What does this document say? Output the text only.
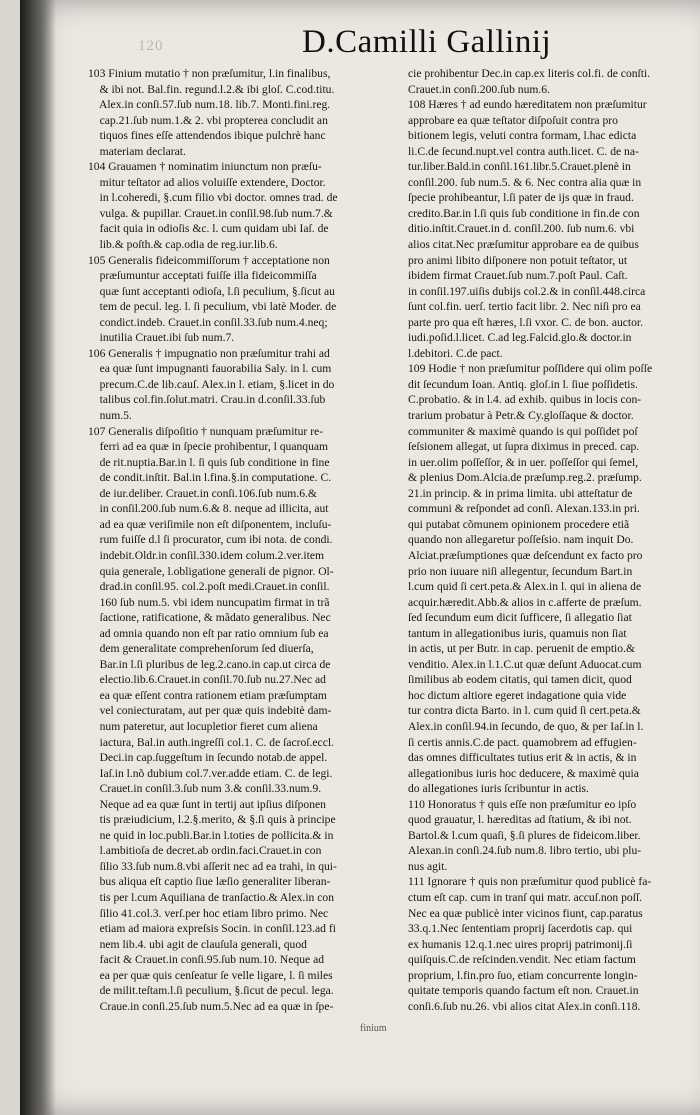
120	D.Camilli Gallinij
103 Finium mutatio † non præſumitur, l.in finalibus,
& ibi not. Bal.fin. regund.l.2.& ibi gloſ. C.cod.titu.
Alex.in conſi.57.ſub num.18. lib.7. Monti.fini.reg.
cap.21.ſub num.1.& 2. vbi propterea concludit an
tiquos fines eſſe attendendos ibique pulchrè hanc
materiam declarat.
104 Grauamen † nominatim iniunctum non præſu-
mitur teſtator ad alios voluiſſe extendere, Doctor.
in l.coheredi, §.cum filio vbi doctor. omnes trad. de
vulga. & pupillar. Crauet.in conſil.98.ſub num.7.&
facit quia in odioſis &c. l. cum quidam ubi Iaſ. de
lib.& poſth.& cap.odia de reg.iur.lib.6.
105 Generalis fideicommiſſorum † acceptatione non
præſumuntur acceptati fuiſſe illa fideicommiſſa
quæ ſunt acceptanti odioſa, l.ſi peculium, §.ſicut au
tem de pecul. leg. l. ſi peculium, vbi latè Moder. de
condict.indeb. Crauet.in conſil.33.ſub num.4.neq;
inutilia Crauet.ibi ſub num.7.
106 Generalis † impugnatio non præſumitur trahi ad
ea quæ ſunt impugnanti fauorabilia Saly. in l. cum
precum.C.de lib.cauſ. Alex.in l. etiam, §.licet in do
talibus col.fin.ſolut.matri. Crau.in d.conſil.33.ſub
num.5.
107 Generalis diſpoſitio † nunquam præſumitur re-
ferri ad ea quæ in ſpecie prohibentur, l quanquam
de rit.nuptia.Bar.in l. ſi quis ſub conditione in fine
de condit.inſtit. Bal.in l.fina.§.in computatione. C.
de iur.deliber. Crauet.in conſi.106.ſub num.6.&
in conſil.200.ſub num.6.& 8. neque ad illicita, aut
ad ea quæ veriſimile non eſt diſponentem, incluſu-
rum fuiſſe d.l ſi procurator, cum ibi nota. de condi.
indebit.Oldr.in conſil.330.idem colum.2.ver.item
quia generale, l.obligatione generali de pignor. Ol-
drad.in conſil.95. col.2.poſt medi.Crauet.in conſil.
160 ſub num.5. vbi idem nuncupatim firmat in trã
ſactione, ratificatione, & mãdato generalibus. Nec
ad omnia quando non eſt par ratio omnium ſub ea
dem generalitate comprehenſorum ſed diuerſa,
Bar.in l.ſi pluribus de leg.2.cano.in cap.ut circa de
electio.lib.6.Crauet.in conſil.70.ſub nu.27.Nec ad
ea quæ eſſent contra rationem etiam præſumptam
vel coniecturatam, aut per quæ quis indebitè dam-
num pateretur, aut locupletior fieret cum aliena
iactura, Bal.in auth.ingreſſi col.1. C. de ſacroſ.eccl.
Deci.in cap.ſuggeſtum in ſecundo notab.de appel.
Iaſ.in l.nõ dubium col.7.ver.adde etiam. C. de legi.
Crauet.in conſil.3.ſub num 3.& conſil.33.num.9.
Neque ad ea quæ ſunt in tertij aut ipſius diſponen
tis præiudicium, l.2.§.merito, & §.ſi quis à principe
ne quid in loc.publi.Bar.in l.toties de pollicita.& in
l.ambitioſa de decret.ab ordin.faci.Crauet.in con
ſilio 33.ſub num.8.vbi aſſerit nec ad ea trahi, in qui-
bus aliqua eſt captio ſiue læſio generaliter liberan-
tis per l.cum Aquiliana de tranſactio.& Alex.in con
ſilio 41.col.3. verſ.per hoc etiam libro primo. Nec
etiam ad maiora expreſsis Socin. in conſil.123.ad fi
nem lib.4. ubi agit de clauſula generali, quod
facit & Crauet.in conſi.95.ſub num.10. Neque ad
ea per quæ quis cenſeatur ſe velle ligare, l. ſi miles
de milit.teſtam.l.ſi peculium, §.ſicut de pecul. lega.
Craue.in conſi.25.ſub num.5.Nec ad ea quæ in ſpe-
cie prohibentur Dec.in cap.ex literis col.fi. de conſti.
Crauet.in conſi.200.ſub num.6.
108 Hæres † ad eundo hæreditatem non præſumitur
approbare ea quæ teſtator diſpoſuit contra pro
bitionem legis, veluti contra formam, l.hac edicta
li.C.de ſecund.nupt.vel contra auth.licet. C. de na-
tur.liber.Bald.in conſil.161.libr.5.Crauet.plenè in
conſil.200. ſub num.5. & 6. Nec contra alia quæ in
ſpecie prohibeantur, l.ſi pater de ijs quæ in fraud.
credito.Bar.in l.ſi quis ſub conditione in fin.de con
ditio.inſtit.Crauet.in d. conſil.200. ſub num.6. vbi
alios citat.Nec præſumitur approbare ea de quibus
pro animi libito diſponere non potuit teſtator, ut
ibidem firmat Crauet.ſub num.7.poſt Paul. Caſt.
in conſil.197.uiſis dubijs col.2.& in conſil.448.circa
ſunt col.fin. uerſ. tertio facit libr. 2. Nec niſi pro ea
parte pro qua eſt hæres, l.ſi vxor. C. de bon. auctor.
iudi.poſid.l.licet. C.ad leg.Falcid.glo.& doctor.in
l.debitori. C.de pact.
109 Hodie † non præſumitur poſſidere qui olim poſſe
dit ſecundum Ioan. Antiq. gloſ.in l. ſiue poſſidetis.
C.probatio. & in l.4. ad exhib. quibus in locis con-
trarium probatur à Petr.& Cy.gloſſaque & doctor.
communiter & maximè quando is qui poſſidet poſ
ſeſsionem allegat, ut ſupra diximus in preced. cap.
in uer.olim poſſeſſor, & in uer. poſſeſſor qui ſemel,
& plenius Dom.Alcia.de præſump.reg.2. præſump.
21.in princip. & in prima limita. ubi atteſtatur de
communi & reſpondet ad conſi. Alexan.133.in pri.
qui putabat cõmunem opinionem procedere etiã
quando non allegaretur poſſeſsio. nam inquit Do.
Alciat.præſumptiones quæ deſcendunt ex facto pro
prio non iuuare niſi allegentur, ſecundum Bart.in
l.cum quid ſi cert.peta.& Alex.in l. qui in aliena de
acquir.hæredit.Abb.& alios in c.afferte de præſum.
ſed ſecundum eum dicit ſufficere, ſi allegatio ſiat
tantum in allegationibus iuris, quamuis non ſiat
in actis, ut per Butr. in cap. peruenit de emptio.&
venditio. Alex.in l.1.C.ut quæ deſunt Aduocat.cum
ſimilibus ab eodem citatis, qui tamen dicit, quod
hoc dictum altiore egeret indagatione quia vide
tur contra dicta Barto. in l. cum quid ſi cert.peta.&
Alex.in conſil.94.in ſecundo, de quo, & per Iaſ.in l.
ſi certis annis.C.de pact. quamobrem ad effugien-
das omnes difficultates tutius erit & in actis, & in
allegationibus iuris hoc deducere, & maximè quia
do allegationes iuris ſcribuntur in actis.
110 Honoratus † quis eſſe non præſumitur eo ipſo
quod grauatur, l. hæreditas ad ſtatium, & ibi not.
Bartol.& l.cum quaſi, §.ſi plures de fideicom.liber.
Alexan.in conſi.24.ſub num.8. libro tertio, ubi plu-
nus agit.
111 Ignorare † quis non præſumitur quod publicè fa-
ctum eſt cap. cum in tranſ qui matr. accuſ.non poſſ.
Nec ea quæ publicè inter vicinos fiunt, cap.paratus
33.q.1.Nec ſententiam proprij ſacerdotis cap. qui
ex humanis 12.q.1.nec uires proprij patrimonij.ſi
quiſquis.C.de reſcinden.vendit. Nec etiam factum
proprium, l.fin.pro ſuo, etiam concurrente longin-
quitate temporis quando factum eſt non. Crauet.in
conſi.6.ſub nu.26. vbi alios citat Alex.in conſi.118.
finium
